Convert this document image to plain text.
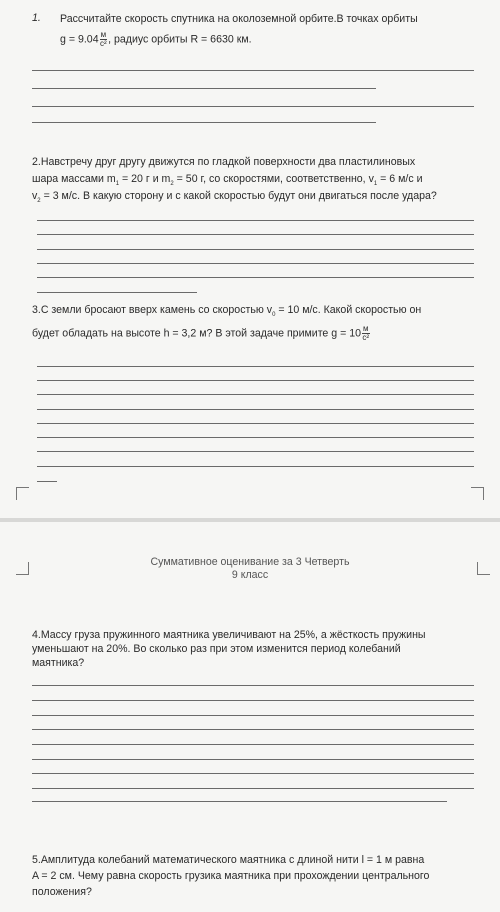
1. Рассчитайте скорость спутника на околоземной орбите.В точках орбиты
$g = 9.04 \frac{м}{\text{с²}}$ , радиус орбиты R = 6630 км.
2.Навстречу друг другу движутся по гладкой поверхности два пластилиновых
шара массами $m_1 = 20$ г и $m_2 = 50$ г, со скоростями, соответственно, $v_1 = 6$ м/с и
$v_2 = 3$ м/с. В какую сторону и с какой скоростью будут они двигаться после удара?
3.С земли бросают вверх камень со скоростью $v_0 = 10$ м/с. Какой скоростью он
будет обладать на высоте h = 3,2 м? В этой задаче примите $g = 10 \frac{м}{\text{с²}}$
Суммативное оценивание за 3 Четверть
9 класс
4.Массу груза пружинного маятника увеличивают на 25%, а жёсткость пружины
уменьшают на 20%. Во сколько раз при этом изменится период колебаний
маятника?
5.Амплитуда колебаний математического маятника с длиной нити l = 1 м равна
A = 2 см. Чему равна скорость грузика маятника при прохождении центрального
положения?
